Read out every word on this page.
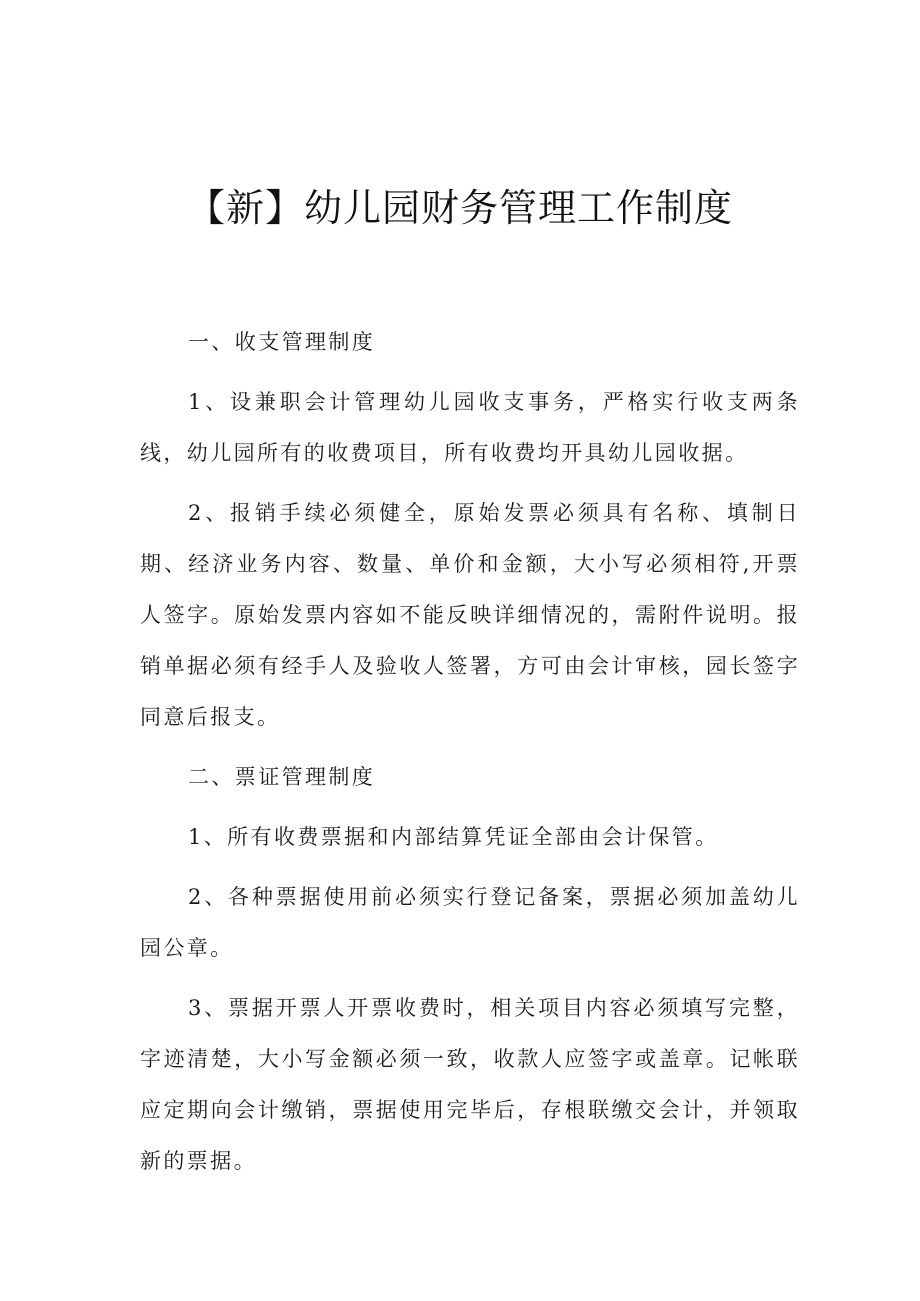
【新】幼儿园财务管理工作制度

一、收支管理制度

1、设兼职会计管理幼儿园收支事务，严格实行收支两条线，幼儿园所有的收费项目，所有收费均开具幼儿园收据。

2、报销手续必须健全，原始发票必须具有名称、填制日期、经济业务内容、数量、单价和金额，大小写必须相符,开票人签字。原始发票内容如不能反映详细情况的，需附件说明。报销单据必须有经手人及验收人签署，方可由会计审核，园长签字同意后报支。

二、票证管理制度

1、所有收费票据和内部结算凭证全部由会计保管。

2、各种票据使用前必须实行登记备案，票据必须加盖幼儿园公章。

3、票据开票人开票收费时，相关项目内容必须填写完整，字迹清楚，大小写金额必须一致，收款人应签字或盖章。记帐联应定期向会计缴销，票据使用完毕后，存根联缴交会计，并领取新的票据。
